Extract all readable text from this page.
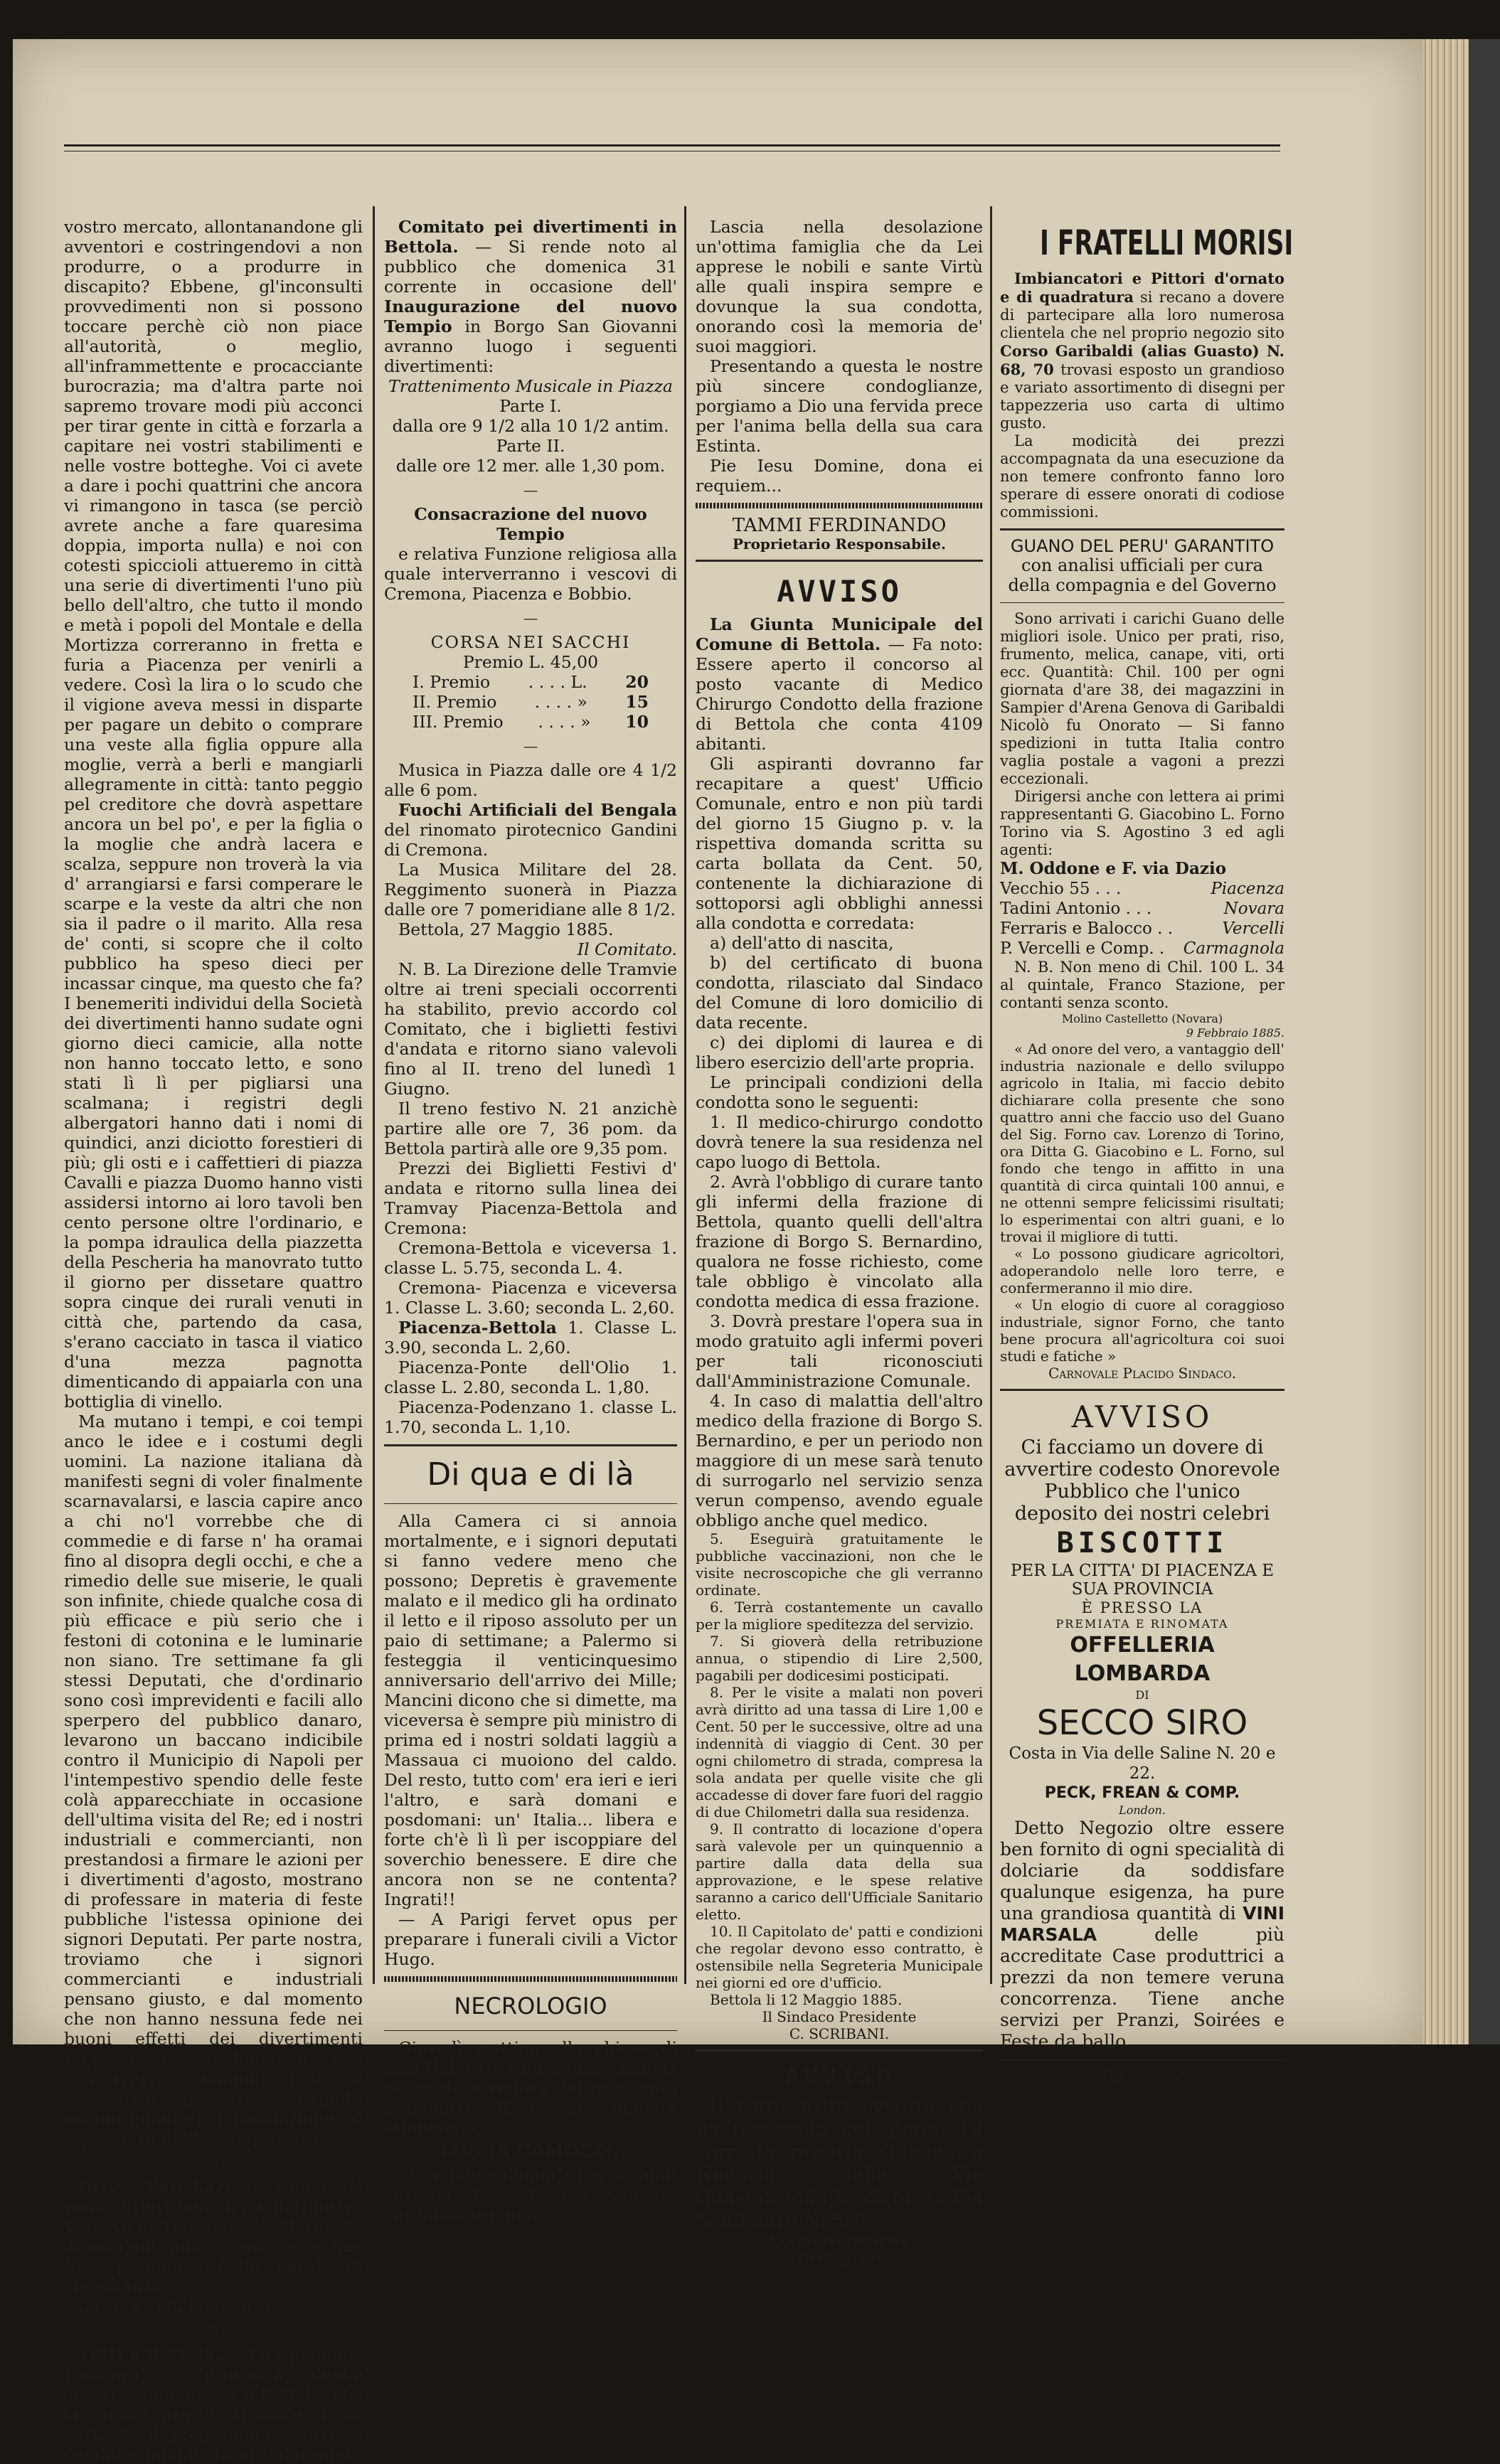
vostro mercato, allontanandone gli avventori e costringendovi a non produrre, o a produrre in discapito? Ebbene, gl'inconsulti provvedimenti non si possono toccare perchè ciò non piace all'autorità, o meglio, all'inframmettente e procacciante burocrazia; ma d'altra parte noi sapremo trovare modi più acconci per tirar gente in città e forzarla a capitare nei vostri stabilimenti e nelle vostre botteghe. Voi ci avete a dare i pochi quattrini che ancora vi rimangono in tasca (se perciò avrete anche a fare quaresima doppia, importa nulla) e noi con cotesti spiccioli attueremo in città una serie di divertimenti l'uno più bello dell'altro, che tutto il mondo e metà i popoli del Montale e della Mortizza correranno in fretta e furia a Piacenza per venirli a vedere. Così la lira o lo scudo che il vigione aveva messi in disparte per pagare un debito o comprare una veste alla figlia oppure alla moglie, verrà a berli e mangiarli allegramente in città: tanto peggio pel creditore che dovrà aspettare ancora un bel po', e per la figlia o la moglie che andrà lacera e scalza, seppure non troverà la via d' arrangiarsi e farsi comperare le scarpe e la veste da altri che non sia il padre o il marito. Alla resa de' conti, si scopre che il colto pubblico ha speso dieci per incassar cinque, ma questo che fa? I benemeriti individui della Società dei divertimenti hanno sudate ogni giorno dieci camicie, alla notte non hanno toccato letto, e sono stati lì lì per pigliarsi una scalmana; i registri degli albergatori hanno dati i nomi di quindici, anzi diciotto forestieri di più; gli osti e i caffettieri di piazza Cavalli e piazza Duomo hanno visti assidersi intorno ai loro tavoli ben cento persone oltre l'ordinario, e la pompa idraulica della piazzetta della Pescheria ha manovrato tutto il giorno per dissetare quattro sopra cinque dei rurali venuti in città che, partendo da casa, s'erano cacciato in tasca il viatico d'una mezza pagnotta dimenticando di appaiarla con una bottiglia di vinello.

Ma mutano i tempi, e coi tempi anco le idee e i costumi degli uomini. La nazione italiana dà manifesti segni di voler finalmente scarnavalarsi, e lascia capire anco a chi no'l vorrebbe che di commedie e di farse n' ha oramai fino al disopra degli occhi, e che a rimedio delle sue miserie, le quali son infinite, chiede qualche cosa di più efficace e più serio che i festoni di cotonina e le luminarie non siano. Tre settimane fa gli stessi Deputati, che d'ordinario sono così imprevidenti e facili allo sperpero del pubblico danaro, levarono un baccano indicibile contro il Municipio di Napoli per l'intempestivo spendio delle feste colà apparecchiate in occasione dell'ultima visita del Re; ed i nostri industriali e commercianti, non prestandosi a firmare le azioni per i divertimenti d'agosto, mostrano di professare in materia di feste pubbliche l'istessa opinione dei signori Deputati. Per parte nostra, troviamo che i signori commercianti e industriali pensano giusto, e dal momento che non hanno nessuna fede nei buoni effetti dei divertimenti proposti, fanno bene a non concorrervi, evitando così di sanzionare per solo rispetto umano quanto per convinzione ed esperienza debbono riprovare.

⊖

In via San Lazzaro venne nel pom. di ieri benedetta dal nostro Vescovo un'Immagine di Maria SS. dipinta sul muro di una casa. Sua Ecc. pronunciò belle parole di circostanza.

La sera vi fu luminaria.

⊖

Tutti a Bettola. — Lo ripetiamo, Piacenza e provincia debbe accorrere numerosa a Bettola, chè la circostanza lo richiede. Ecco pertanto il programma — avviso dei divertimenti che vi si daranno.

Comitato pei divertimenti in Bettola. — Si rende noto al pubblico che domenica 31 corrente in occasione dell' Inaugurazione del nuovo Tempio in Borgo San Giovanni avranno luogo i seguenti divertimenti:

Trattenimento Musicale in Piazza

Parte I.

dalla ore 9 1/2 alla 10 1/2 antim.

Parte II.

dalle ore 12 mer. alle 1,30 pom.

—

Consacrazione del nuovo Tempio

e relativa Funzione religiosa alla quale interverranno i vescovi di Cremona, Piacenza e Bobbio.

—

CORSA NEI SACCHI

Premio L. 45,00

I. Premio . . . . L. 20
II. Premio . . . . » 15
III. Premio . . . . » 10
—

Musica in Piazza dalle ore 4 1/2 alle 6 pom.

Fuochi Artificiali del Bengala del rinomato pirotecnico Gandini di Cremona.

La Musica Militare del 28. Reggimento suonerà in Piazza dalle ore 7 pomeridiane alle 8 1/2.

Bettola, 27 Maggio 1885.

Il Comitato.

N. B. La Direzione delle Tramvie oltre ai treni speciali occorrenti ha stabilito, previo accordo col Comitato, che i biglietti festivi d'andata e ritorno siano valevoli fino al II. treno del lunedì 1 Giugno.

Il treno festivo N. 21 anzichè partire alle ore 7, 36 pom. da Bettola partirà alle ore 9,35 pom.

Prezzi dei Biglietti Festivi d' andata e ritorno sulla linea dei Tramvay Piacenza-Bettola and Cremona:

Cremona-Bettola e viceversa 1. classe L. 5.75, seconda L. 4.

Cremona- Piacenza e viceversa 1. Classe L. 3.60; seconda L. 2,60.

Piacenza-Bettola 1. Classe L. 3.90, seconda L. 2,60.

Piacenza-Ponte dell'Olio 1. classe L. 2.80, seconda L. 1,80.

Piacenza-Podenzano 1. classe L. 1.70, seconda L. 1,10.

Di qua e di là

Alla Camera ci si annoia mortalmente, e i signori deputati si fanno vedere meno che possono; Depretis è gravemente malato e il medico gli ha ordinato il letto e il riposo assoluto per un paio di settimane; a Palermo si festeggia il venticinquesimo anniversario dell'arrivo dei Mille; Mancini dicono che si dimette, ma viceversa è sempre più ministro di prima ed i nostri soldati laggiù a Massaua ci muoiono del caldo. Del resto, tutto com' era ieri e ieri l'altro, e sarà domani e posdomani: un' Italia... libera e forte ch'è lì lì per iscoppiare del soverchio benessere. E dire che ancora non se ne contenta? Ingrati!!

— A Parigi fervet opus per preparare i funerali civili a Victor Hugo.

NECROLOGIO

Giovedì mattina alla chiesa di sant'Uldarico veniva associata la salma della vedova del compianto Domenico Riva, la Signora ottantenne,

LUIGIA CAMOZZI.

Fu sempre donna di specchiati costumi, timorata del Signore, caritatevole e pia.

Lascia nella desolazione un'ottima famiglia che da Lei apprese le nobili e sante Virtù alle quali inspira sempre e dovunque la sua condotta, onorando così la memoria de' suoi maggiori.

Presentando a questa le nostre più sincere condoglianze, porgiamo a Dio una fervida prece per l'anima bella della sua cara Estinta.

Pie Iesu Domine, dona ei requiem...

TAMMI FERDINANDO

Proprietario Responsabile.

AVVISO

La Giunta Municipale del Comune di Bettola. — Fa noto: Essere aperto il concorso al posto vacante di Medico Chirurgo Condotto della frazione di Bettola che conta 4109 abitanti.

Gli aspiranti dovranno far recapitare a quest' Ufficio Comunale, entro e non più tardi del giorno 15 Giugno p. v. la rispettiva domanda scritta su carta bollata da Cent. 50, contenente la dichiarazione di sottoporsi agli obblighi annessi alla condotta e corredata:

a) dell'atto di nascita,

b) del certificato di buona condotta, rilasciato dal Sindaco del Comune di loro domicilio di data recente.

c) dei diplomi di laurea e di libero esercizio dell'arte propria.

Le principali condizioni della condotta sono le seguenti:

1. Il medico-chirurgo condotto dovrà tenere la sua residenza nel capo luogo di Bettola.

2. Avrà l'obbligo di curare tanto gli infermi della frazione di Bettola, quanto quelli dell'altra frazione di Borgo S. Bernardino, qualora ne fosse richiesto, come tale obbligo è vincolato alla condotta medica di essa frazione.

3. Dovrà prestare l'opera sua in modo gratuito agli infermi poveri per tali riconosciuti dall'Amministrazione Comunale.

4. In caso di malattia dell'altro medico della frazione di Borgo S. Bernardino, e per un periodo non maggiore di un mese sarà tenuto di surrogarlo nel servizio senza verun compenso, avendo eguale obbligo anche quel medico.

5. Eseguirà gratuitamente le pubbliche vaccinazioni, non che le visite necroscopiche che gli verranno ordinate.

6. Terrà costantemente un cavallo per la migliore speditezza del servizio.

7. Si gioverà della retribuzione annua, o stipendio di Lire 2,500, pagabili per dodicesimi posticipati.

8. Per le visite a malati non poveri avrà diritto ad una tassa di Lire 1,00 e Cent. 50 per le successive, oltre ad una indennità di viaggio di Cent. 30 per ogni chilometro di strada, compresa la sola andata per quelle visite che gli accadesse di dover fare fuori del raggio di due Chilometri dalla sua residenza.

9. Il contratto di locazione d'opera sarà valevole per un quinquennio a partire dalla data della sua approvazione, e le spese relative saranno a carico dell'Ufficiale Sanitario eletto.

10. Il Capitolato de' patti e condizioni che regolar devono esso contratto, è ostensibile nella Segreteria Municipale nei giorni ed ore d'ufficio.

Bettola li 12 Maggio 1885.

Il Sindaco Presidente

C. SCRIBANI.

AVVISO

Il sottoscritto avverte che ha traslocata col giorno 19 corr. la propria Officina e Negozio dalla Via Guastafredda N. 28 bis in Via San Pietro N. 5, 7.

Landreani Giuseppe

Orologiaio

I FRATELLI MORISI

Imbiancatori e Pittori d'ornato e di quadratura si recano a dovere di partecipare alla loro numerosa clientela che nel proprio negozio sito Corso Garibaldi (alias Guasto) N. 68, 70 trovasi esposto un grandioso e variato assortimento di disegni per tappezzeria uso carta di ultimo gusto.

La modicità dei prezzi accompagnata da una esecuzione da non temere confronto fanno loro sperare di essere onorati di codiose commissioni.

GUANO DEL PERU' GARANTITO

con analisi ufficiali per cura della compagnia e del Governo

Sono arrivati i carichi Guano delle migliori isole. Unico per prati, riso, frumento, melica, canape, viti, orti ecc. Quantità: Chil. 100 per ogni giornata d'are 38, dei magazzini in Sampier d'Arena Genova di Garibaldi Nicolò fu Onorato — Si fanno spedizioni in tutta Italia contro vaglia postale a vagoni a prezzi eccezionali.

Dirigersi anche con lettera ai primi rappresentanti G. Giacobino L. Forno Torino via S. Agostino 3 ed agli agenti:

M. Oddone e F. via Dazio
Vecchio 55 . . .	Piacenza
Tadini Antonio . . .	Novara
Ferraris e Balocco . .	Vercelli
P. Vercelli e Comp. . Carmagnola

N. B. Non meno di Chil. 100 L. 34 al quintale, Franco Stazione, per contanti senza sconto.

Molino Castelletto (Novara)

9 Febbraio 1885.

« Ad onore del vero, a vantaggio dell' industria nazionale e dello sviluppo agricolo in Italia, mi faccio debito dichiarare colla presente che sono quattro anni che faccio uso del Guano del Sig. Forno cav. Lorenzo di Torino, ora Ditta G. Giacobino e L. Forno, sul fondo che tengo in affitto in una quantità di circa quintali 100 annui, e ne ottenni sempre felicissimi risultati; lo esperimentai con altri guani, e lo trovai il migliore di tutti.

« Lo possono giudicare agricoltori, adoperandolo nelle loro terre, e confermeranno il mio dire.

« Un elogio di cuore al coraggioso industriale, signor Forno, che tanto bene procura all'agricoltura coi suoi studi e fatiche »

Carnovale Placido Sindaco.

AVVISO

Ci facciamo un dovere di avvertire codesto Onorevole Pubblico che l'unico deposito dei nostri celebri

BISCOTTI

PER LA CITTA' DI PIACENZA E SUA PROVINCIA

È PRESSO LA

PREMIATA E RINOMATA

OFFELLERIA LOMBARDA

DI

SECCO SIRO

Costa in Via delle Saline N. 20 e 22.

PECK, FREAN & COMP.

London.

Detto Negozio oltre essere ben fornito di ogni specialità di dolciarie da soddisfare qualunque esigenza, ha pure una grandiosa quantità di VINI MARSALA	delle più accreditate Case produttrici a prezzi da non temere veruna concorrenza. Tiene anche servizi per Pranzi, Soirées e Feste da ballo.

Tip. Sociale
